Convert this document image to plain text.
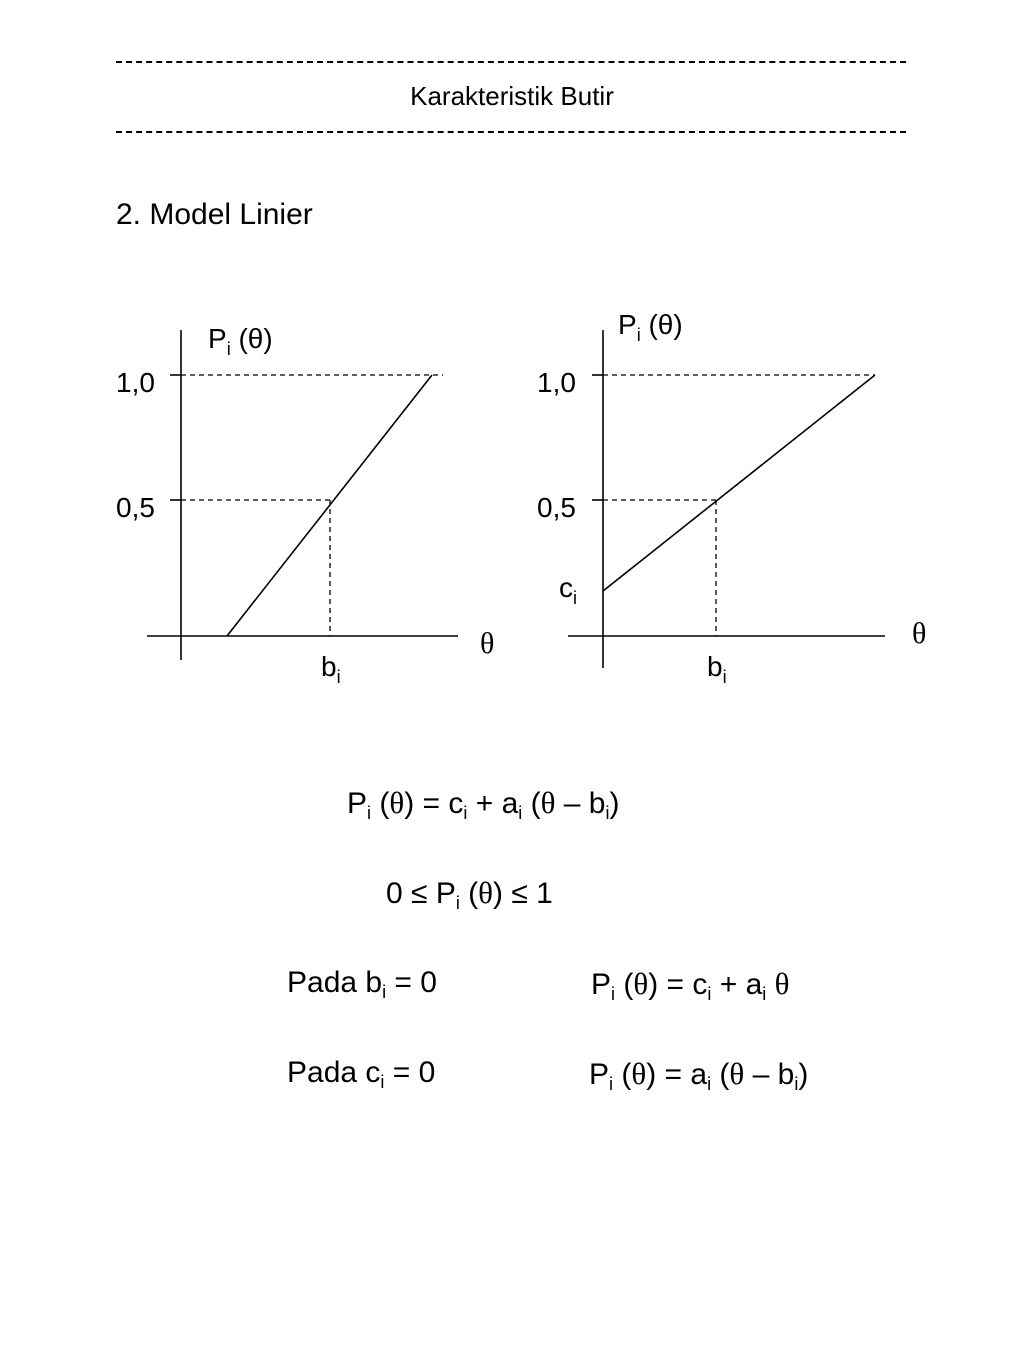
Karakteristik Butir
2. Model Linier
$P_i$ (θ)
1,0
0,5
θ
$b_i$
$P_i$ (θ)
1,0
0,5
$c_i$
θ
$b_i$
$P_i$ $(\theta) = c_i + a_i$ $(\theta - b_i)$
$0 \le P_i$ (θ) ≤ 1
Pada $b_i = 0$	$P_i$ $(\theta) = c_i + a_i$ θ
Pada $c_i = 0$	$P_i$ $(\theta) = a_i$ $(\theta - b_i)$
